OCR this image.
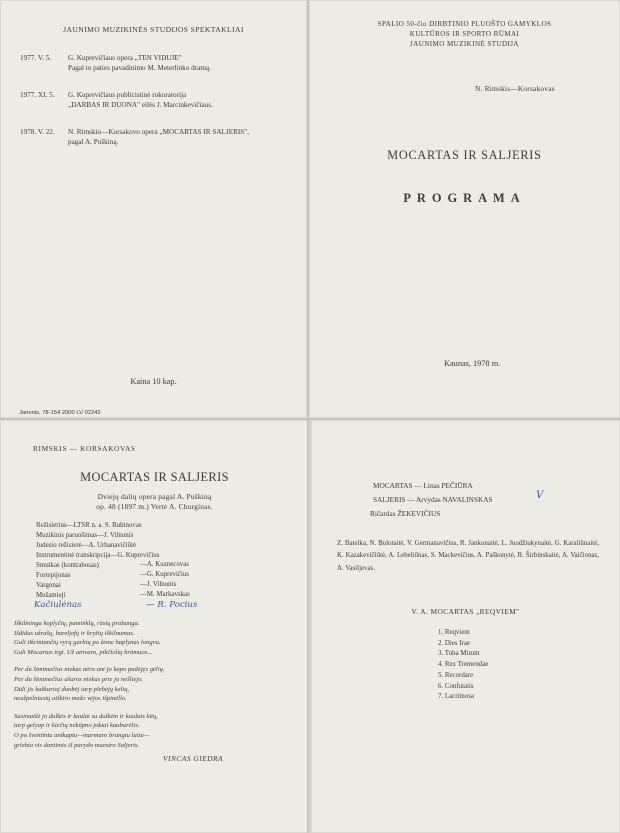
JAUNIMO MUZIKINĖS STUDIJOS SPEKTAKLIAI
1977. V. 5. G. Kuprevičiaus opera „TEN VIDUJE"
Pagal to paties pavadinimo M. Meterlinko dramą.
1977. XI. 5. G. Kuprevičiaus publicistinė rokoratorija
„DARBAS IR DUONA" eilės J. Marcinkevičiaus.
1978. V. 22. N. Rimskio—Korsakovo opera „MOCARTAS IR SALJERIS",
pagal A. Puškiną.
Kaina 10 kap.
Janonis, 78-154 2000 LV 02242
SPALIO 50-čio DIRBTINIO PLUOŠTO GAMYKLOS
KULTŪROS IR SPORTO RŪMAI
JAUNIMO MUZIKINĖ STUDIJA
N. Rimskis—Korsakovas
MOCARTAS IR SALJERIS
PROGRAMA
Kaunas, 1978 m.
RIMSKIS — KORSAKOVAS
MOCARTAS IR SALJERIS
Dviejų dalių opera pagal A. Puškiną
op. 48 (1897 m.) Vertė A. Churginas.
Režisierius—LTSR n. a. S. Rubinovas
Muzikinis paruošimas—J. Vilnonis
Judesio režisierė—A. Urbanavičiūtė
Instrumentinė transkripcija—G. Kuprevičius
Smuikas (kontrabosas)	—A. Kuznecovas
Fortepijonas	—G. Kuprevičius
Vargonai	—J. Vilnonis
Mušamieji	—M. Markavskas
Kačiulėnas	— R. Pocius
Iškilminga koplyčių, paminklų, rūsių prabanga.
Išdidus užrašų, bareljefų ir kryžių iškilnumas.
Guli tikrintančių vyrų garbių po žeme haplynas longva.
Guli Mocartas irgi. Už anivaro, pikčiolių brūmuos...
Per du šimtmečius niekas nėra ant jo kapo padėjęs gėlių.
Per du šimtmečius ašaros niekas prie jo nešliejo.
Dūli jis kažkurioj duobėj tarp plebėjų kelių,
neužpelniusių aiškiro mažo vėjos išpinėllo.
Susimaišė jo dulkės ir kaulai su dulkėm ir kaulais kitų,
tarp gelyap ir kiečių nekūpno jokiai kauburėlis.
O po šventintu antkapiu—marmuro brangiu luitu—
griebia vis dantimis iš pavydo maestro Saljeris.
VINCAS GIEDRA
MOCARTAS — Linas PEČIŪRA
SALJERIS — Arvydas NAVALINSKAS	V
Ričardas ŽEKEVIČIUS
Z. Batelka, N. Bulotaitė, V. Germanavičius, R. Jankonaitė, L. Juodžiukynaitė, G. Karaliūnaitė, K. Kazakevičiūtė, A. Lebeliūnas, S. Mackevičius, A. Paškonytė, R. Širbinskaitė, A. Vaičionas, A. Vasiljevas.
V. A. MOCARTAS „REQVIEM"
1. Reqviem
2. Dies Irae
3. Tuba Mirum
4. Rex Tremendae
5. Recordare
6. Confutatis
7. Lacrimosa
